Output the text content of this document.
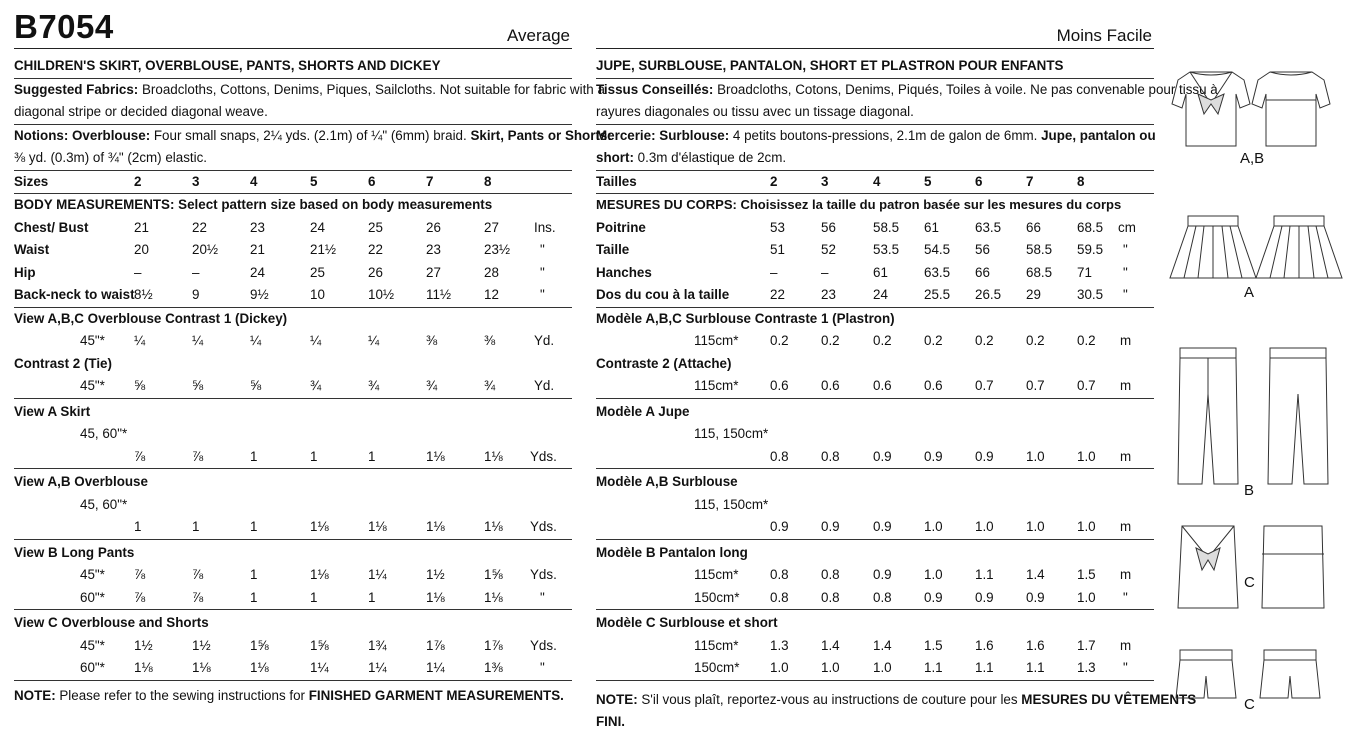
B7054	Average
CHILDREN'S SKIRT, OVERBLOUSE, PANTS, SHORTS AND DICKEY
Suggested Fabrics: Broadcloths, Cottons, Denims, Piques, Sailcloths. Not suitable for fabric with a
diagonal stripe or decided diagonal weave.
Notions: Overblouse: Four small snaps, 2¼ yds. (2.1m) of ¼" (6mm) braid. Skirt, Pants or Shorts:
⅜ yd. (0.3m) of ¾" (2cm) elastic.
Sizes	2	3	4	5	6	7	8
BODY MEASUREMENTS: Select pattern size based on body measurements
Chest/ Bust	21	22	23	24	25	26	27	Ins.
Waist	20	20½ 21	21½ 22	23	23½ "
Hip	–	–	24	25	26	27	28	"
Back-neck to waist 8½	9	9½	10	10½ 11½ 12	"
View A,B,C Overblouse Contrast 1 (Dickey)
45"* ¼	¼	¼	¼	¼	⅜	⅜	Yd.
Contrast 2 (Tie)
45"* ⅝	⅝	⅝	¾	¾	¾	¾	Yd.
View A Skirt
45, 60"*
⅞	⅞	1	1	1	1⅛	1⅛ Yds.
View A,B Overblouse
45, 60"*
1	1	1	1⅛	1⅛	1⅛	1⅛ Yds.
View B Long Pants
45"* ⅞	⅞	1	1⅛	1¼	1½	1⅝ Yds.
60"* ⅞	⅞	1	1	1	1⅛	1⅛	"
View C Overblouse and Shorts
45"* 1½	1½	1⅝	1⅝	1¾	1⅞	1⅞ Yds.
60"* 1⅛	1⅛	1⅛	1¼	1¼	1¼	1⅜	"
NOTE: Please refer to the sewing instructions for FINISHED GARMENT MEASUREMENTS.
Moins Facile
JUPE, SURBLOUSE, PANTALON, SHORT ET PLASTRON POUR ENFANTS
Tissus Conseillés: Broadcloths, Cotons, Denims, Piqués, Toiles à voile. Ne pas convenable pour tissu à
rayures diagonales ou tissu avec un tissage diagonal.
Mercerie: Surblouse: 4 petits boutons-pressions, 2.1m de galon de 6mm. Jupe, pantalon ou
short: 0.3m d'élastique de 2cm.
Tailles	2	3	4	5	6	7	8
MESURES DU CORPS: Choisissez la taille du patron basée sur les mesures du corps
Poitrine	53	56	58.5 61	63.5 66	68.5 cm
Taille	51	52	53.5 54.5 56	58.5 59.5 "
Hanches	–	–	61	63.5 66	68.5 71 "
Dos du cou à la taille	22	23	24	25.5 26.5 29	30.5 "
Modèle A,B,C Surblouse Contraste 1 (Plastron)
115cm* 0.2 0.2 0.2 0.2 0.2 0.2 0.2 m
Contraste 2 (Attache)
115cm* 0.6 0.6 0.6 0.6 0.7 0.7 0.7 m
Modèle A Jupe
115, 150cm*
0.8 0.8 0.9 0.9 0.9 1.0 1.0 m
Modèle A,B Surblouse
115, 150cm*
0.9 0.9 0.9 1.0 1.0 1.0 1.0 m
Modèle B Pantalon long
115cm* 0.8 0.8 0.9 1.0 1.1 1.4 1.5 m
150cm* 0.8 0.8 0.8 0.9 0.9 0.9 1.0 "
Modèle C Surblouse et short
115cm* 1.3 1.4 1.4 1.5 1.6 1.6 1.7 m
150cm* 1.0 1.0 1.0 1.1 1.1 1.1 1.3 "
NOTE: S'il vous plaît, reportez-vous au instructions de couture pour les MESURES DU VÊTEMENTS
FINI.
A,B
A
B
C
C
